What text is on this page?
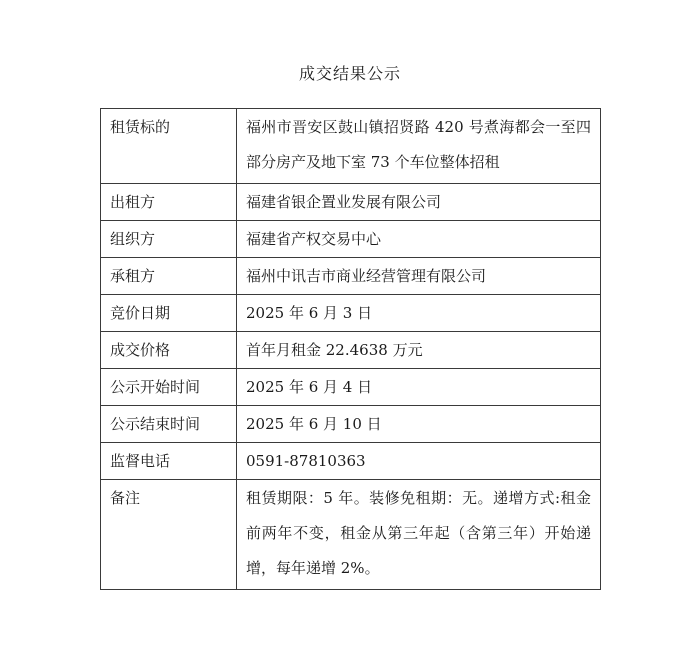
成交结果公示
租赁标的	福州市晋安区鼓山镇招贤路 420 号煮海都会一至四部分房产及地下室 73 个车位整体招租
出租方	福建省银企置业发展有限公司
组织方	福建省产权交易中心
承租方	福州中讯吉市商业经营管理有限公司
竞价日期	2025 年 6 月 3 日
成交价格	首年月租金 22.4638 万元
公示开始时间	2025 年 6 月 4 日
公示结束时间	2025 年 6 月 10 日
监督电话	0591-87810363
备注	租赁期限：5 年。装修免租期：无。递增方式:租金前两年不变，租金从第三年起（含第三年）开始递增，每年递增 2%。
